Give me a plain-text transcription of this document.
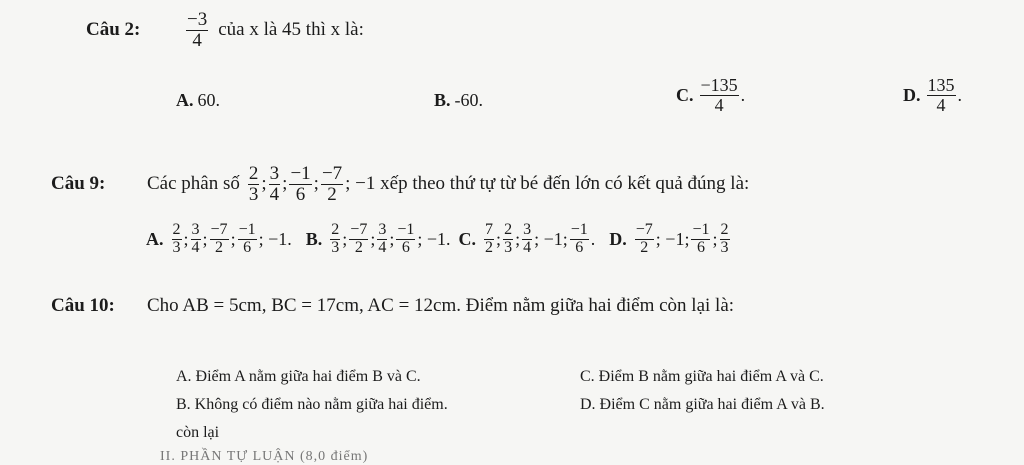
Câu 2:	$\frac{-3}{4}$ của x là 45 thì x là:
A. 60.	B. -60.	C. $\frac{-135}{4}$ .	D. $\frac{135}{4}$ .
Câu 9:	Các phân số $\frac{2}{3}$ ; $\frac{3}{4}$ ; $\frac{-1}{6}$ ; $\frac{-7}{2}$ ; −1 xếp theo thứ tự từ bé đến lớn có kết quả đúng là:
A. $\frac{2}{3}$ ; $\frac{3}{4}$ ; $\frac{-7}{2}$ ; $\frac{-1}{6}$ ; −1. B. $\frac{2}{3}$ ; $\frac{-7}{2}$ ; $\frac{3}{4}$ ; $\frac{-1}{6}$ ; −1. C. $\frac{7}{2}$ ; $\frac{2}{3}$ ; $\frac{3}{4}$ ; −1; $\frac{-1}{6}$ . D. $\frac{-7}{2}$ ; −1; $\frac{-1}{6}$ ; $\frac{2}{3}$
Câu 10:	Cho AB = 5cm, BC = 17cm, AC = 12cm. Điểm nằm giữa hai điểm còn lại là:
A. Điểm A nằm giữa hai điểm B và C.
B. Không có điểm nào nằm giữa hai điểm.
còn lại
C. Điểm B nằm giữa hai điểm A và C.
D. Điểm C nằm giữa hai điểm A và B.
II. PHẦN TỰ LUẬN (8,0 điểm)
